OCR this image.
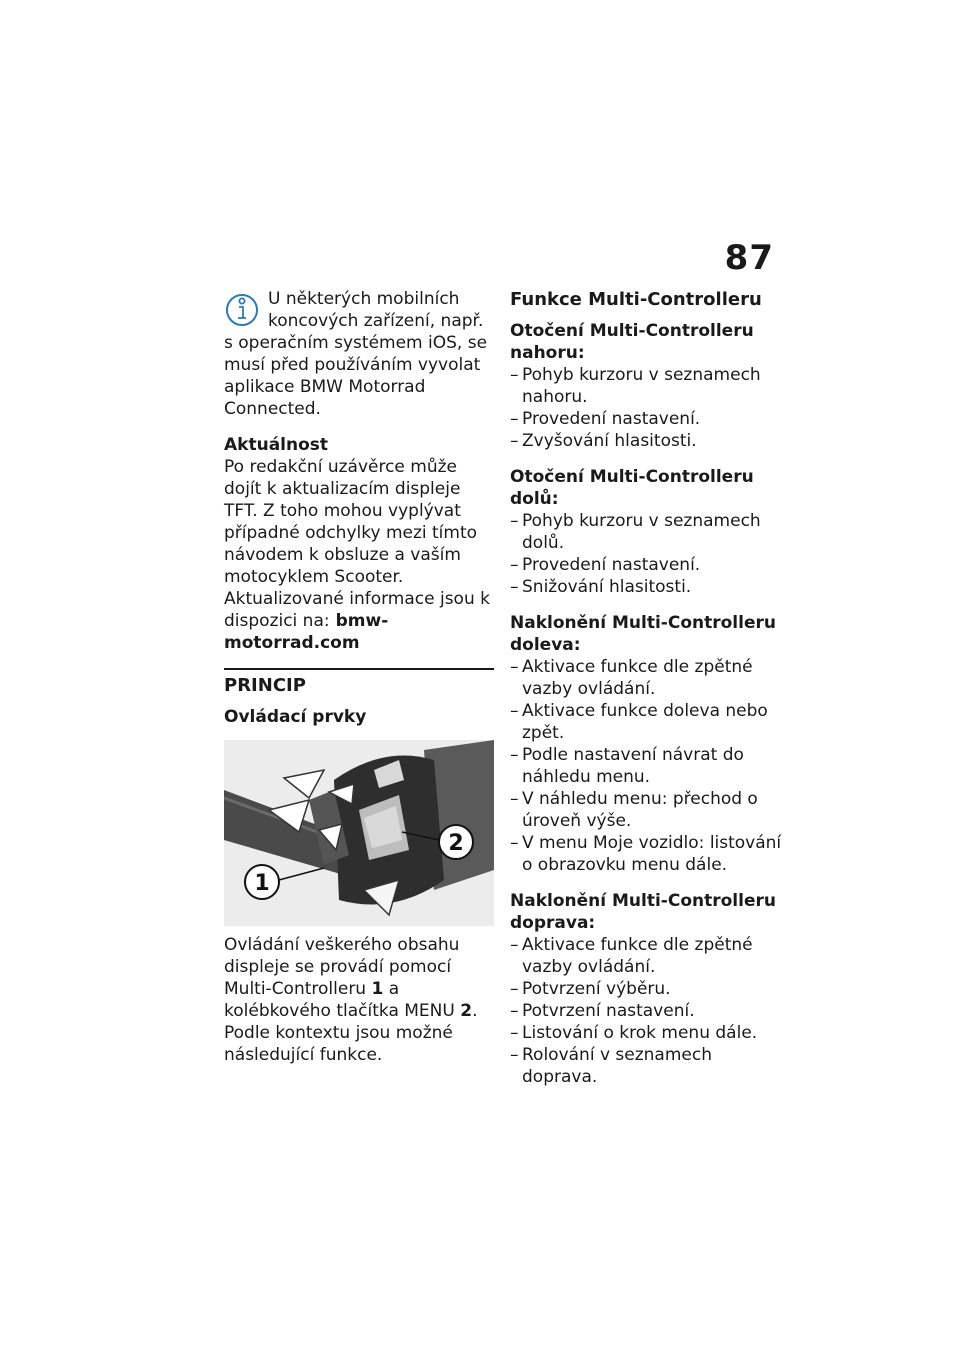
87

U některých mobilních

koncových zařízení, např.

s operačním systémem iOS, se musí před používáním vyvolat aplikace BMW Motorrad Connected.

Aktuálnost

Po redakční uzávěrce může dojít k aktualizacím displeje TFT. Z toho mohou vyplývat případné odchylky mezi tímto návodem k obsluze a vaším motocyklem Scooter. Aktualizované informace jsou k dispozici na: bmw-motorrad.com

PRINCIP

Ovládací prvky

1
2

Ovládání veškerého obsahu displeje se provádí pomocí Multi-Controlleru 1 a kolébkového tlačítka MENU 2.

Podle kontextu jsou možné následující funkce.

Funkce Multi-Controlleru

Otočení Multi-Controlleru nahoru:

– Pohyb kurzoru v seznamech nahoru.
– Provedení nastavení.
– Zvyšování hlasitosti.

Otočení Multi-Controlleru dolů:

– Pohyb kurzoru v seznamech dolů.
– Provedení nastavení.
– Snižování hlasitosti.

Naklonění Multi-Controlleru doleva:

– Aktivace funkce dle zpětné vazby ovládání.
– Aktivace funkce doleva nebo zpět.
– Podle nastavení návrat do náhledu menu.
– V náhledu menu: přechod o úroveň výše.
– V menu Moje vozidlo: listování o obrazovku menu dále.

Naklonění Multi-Controlleru doprava:

– Aktivace funkce dle zpětné vazby ovládání.
– Potvrzení výběru.
– Potvrzení nastavení.
– Listování o krok menu dále.
– Rolování v seznamech doprava.
